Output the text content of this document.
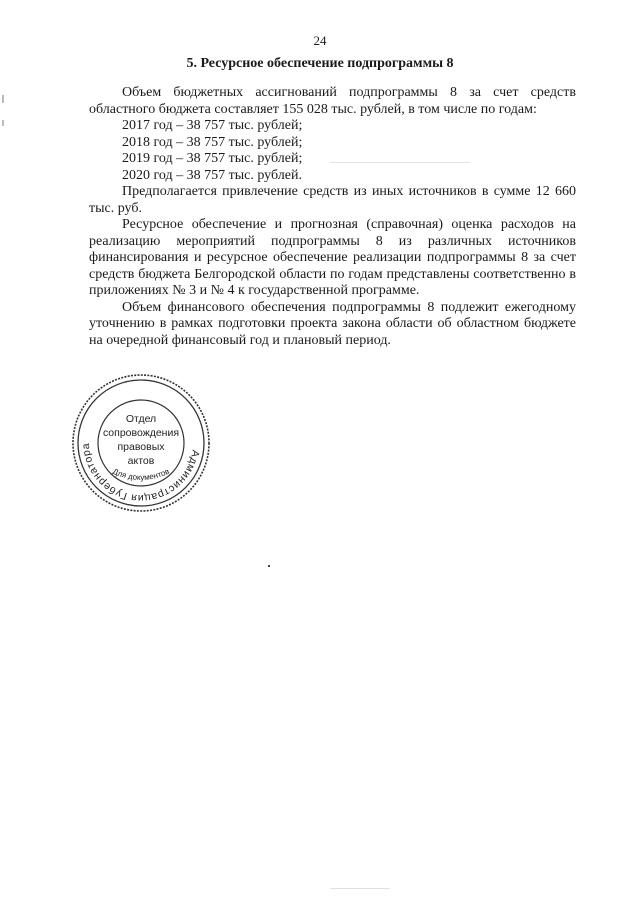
24
5. Ресурсное обеспечение подпрограммы 8

Объем бюджетных ассигнований подпрограммы 8 за счет средств областного бюджета составляет 155 028 тыс. рублей, в том числе по годам:

2017 год – 38 757 тыс. рублей;

2018 год – 38 757 тыс. рублей;

2019 год – 38 757 тыс. рублей;

2020 год – 38 757 тыс. рублей.

Предполагается привлечение средств из иных источников в сумме 12 660 тыс. руб.

Ресурсное обеспечение и прогнозная (справочная) оценка расходов на реализацию мероприятий подпрограммы 8 из различных источников финансирования и ресурсное обеспечение реализации подпрограммы 8 за счет средств бюджета Белгородской области по годам представлены соответственно в приложениях № 3 и № 4 к государственной программе.

Объем финансового обеспечения подпрограммы 8 подлежит ежегодному уточнению в рамках подготовки проекта закона области об областном бюджете на очередной финансовый год и плановый период.

Администрация Губернатора
Отдел
сопровождения
правовых
актов
Для документов
